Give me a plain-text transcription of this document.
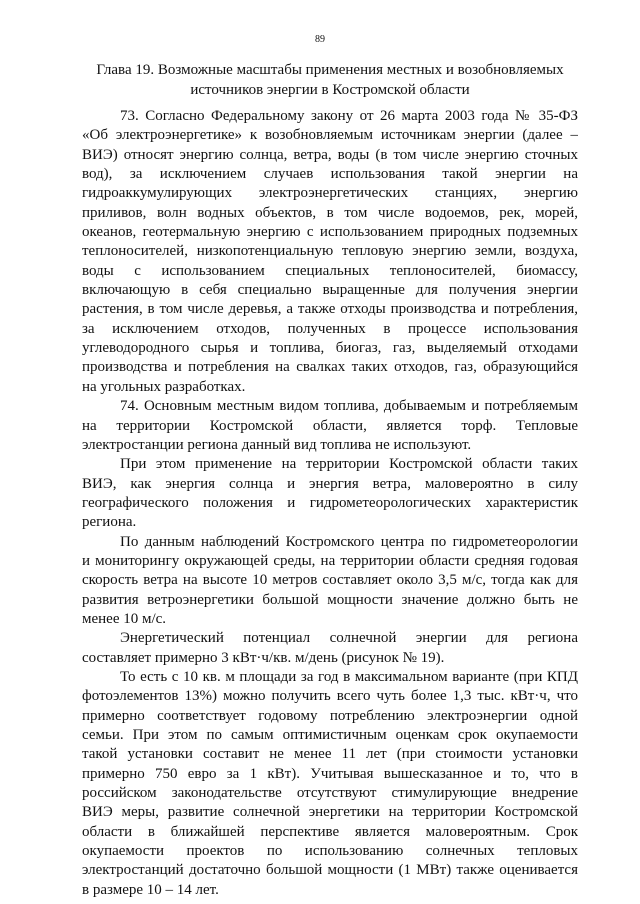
89
Глава 19. Возможные масштабы применения местных и возобновляемых
источников энергии в Костромской области
73. Согласно Федеральному закону от 26 марта 2003 года № 35-ФЗ
«Об электроэнергетике» к возобновляемым источникам энергии (далее –
ВИЭ) относят энергию солнца, ветра, воды (в том числе энергию сточных
вод), за исключением случаев использования такой энергии на
гидроаккумулирующих электроэнергетических станциях, энергию
приливов, волн водных объектов, в том числе водоемов, рек, морей,
океанов, геотермальную энергию с использованием природных подземных
теплоносителей, низкопотенциальную тепловую энергию земли, воздуха,
воды с использованием специальных теплоносителей, биомассу,
включающую в себя специально выращенные для получения энергии
растения, в том числе деревья, а также отходы производства и потребления,
за исключением отходов, полученных в процессе использования
углеводородного сырья и топлива, биогаз, газ, выделяемый отходами
производства и потребления на свалках таких отходов, газ, образующийся
на угольных разработках.
74. Основным местным видом топлива, добываемым и потребляемым
на территории Костромской области, является торф. Тепловые
электростанции региона данный вид топлива не используют.
При этом применение на территории Костромской области таких
ВИЭ, как энергия солнца и энергия ветра, маловероятно в силу
географического положения и гидрометеорологических характеристик
региона.
По данным наблюдений Костромского центра по гидрометеорологии
и мониторингу окружающей среды, на территории области средняя годовая
скорость ветра на высоте 10 метров составляет около 3,5 м/с, тогда как для
развития ветроэнергетики большой мощности значение должно быть не
менее 10 м/с.
Энергетический потенциал солнечной энергии для региона
составляет примерно 3 кВт·ч/кв. м/день (рисунок № 19).
То есть с 10 кв. м площади за год в максимальном варианте (при КПД
фотоэлементов 13%) можно получить всего чуть более 1,3 тыс. кВт·ч, что
примерно соответствует годовому потреблению электроэнергии одной
семьи. При этом по самым оптимистичным оценкам срок окупаемости
такой установки составит не менее 11 лет (при стоимости установки
примерно 750 евро за 1 кВт). Учитывая вышесказанное и то, что в
российском законодательстве отсутствуют стимулирующие внедрение
ВИЭ меры, развитие солнечной энергетики на территории Костромской
области в ближайшей перспективе является маловероятным. Срок
окупаемости проектов по использованию солнечных тепловых
электростанций достаточно большой мощности (1 МВт) также оценивается
в размере 10 – 14 лет.
